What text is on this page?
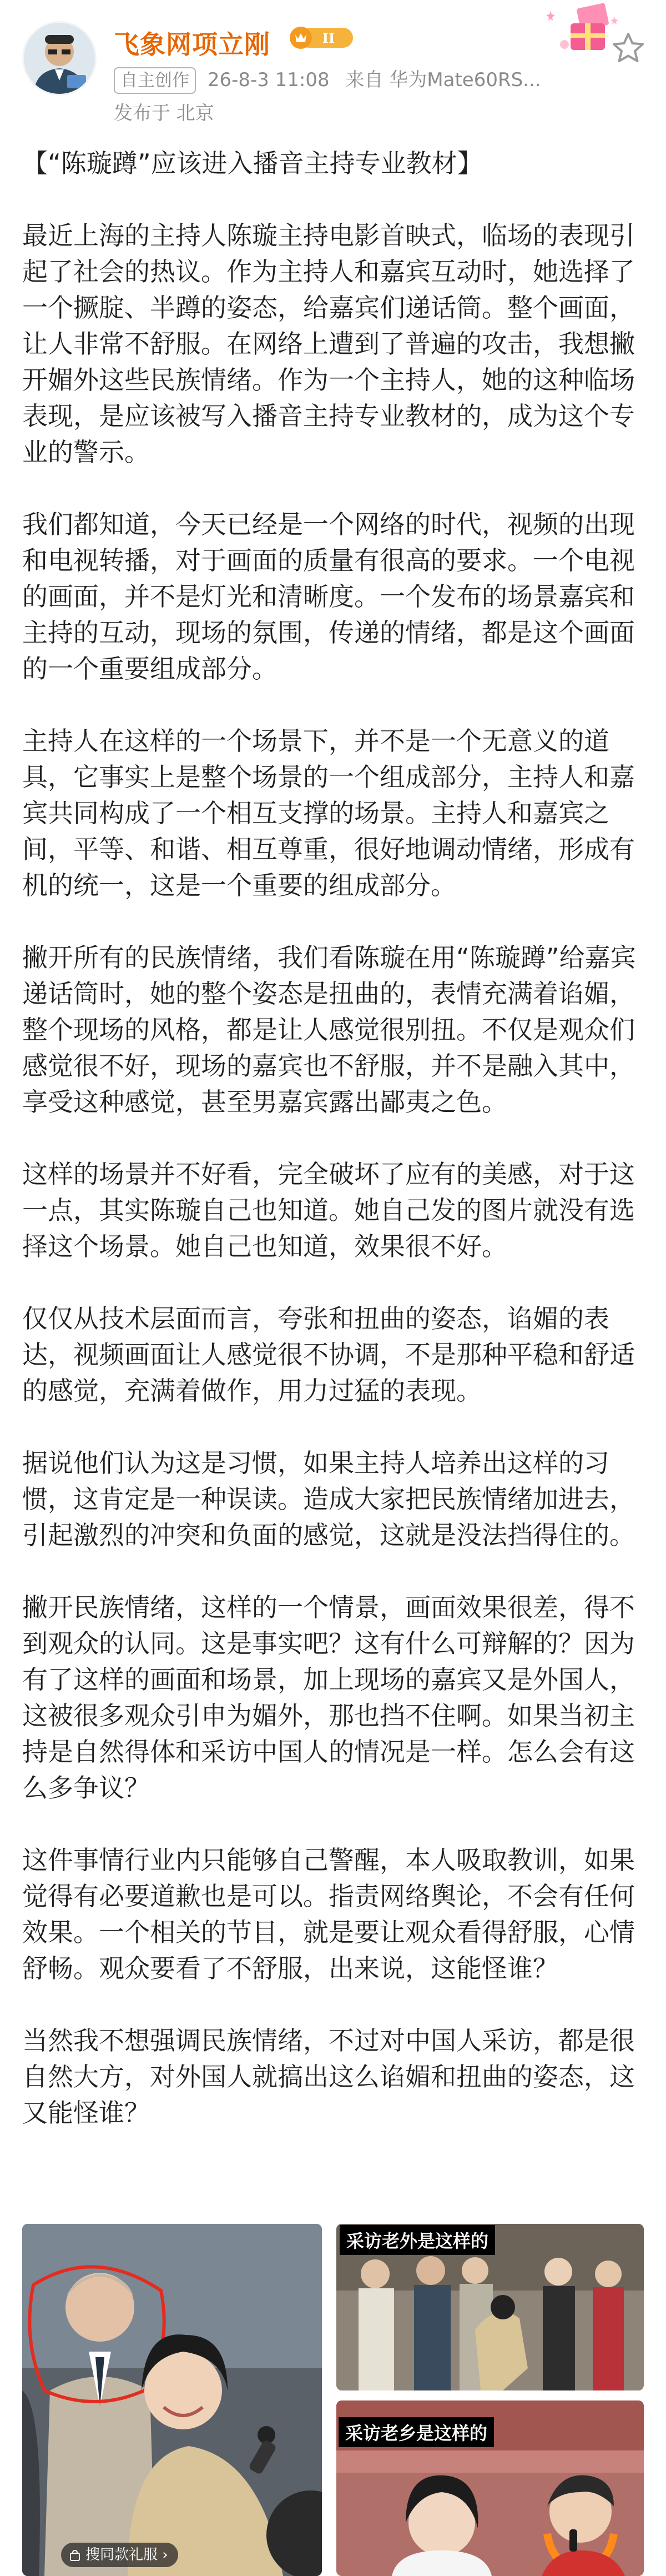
飞象网项立刚	II
自主创作 26-8-3 11:08 来自 华为Mate60RS...
发布于 北京

【“陈璇蹲”应该进入播音主持专业教材】

最近上海的主持人陈璇主持电影首映式，临场的表现引起了社会的热议。作为主持人和嘉宾互动时，她选择了一个撅腚、半蹲的姿态，给嘉宾们递话筒。整个画面，让人非常不舒服。在网络上遭到了普遍的攻击，我想撇开媚外这些民族情绪。作为一个主持人，她的这种临场表现，是应该被写入播音主持专业教材的，成为这个专业的警示。

我们都知道，今天已经是一个网络的时代，视频的出现和电视转播，对于画面的质量有很高的要求。一个电视的画面，并不是灯光和清晰度。一个发布的场景嘉宾和主持的互动，现场的氛围，传递的情绪，都是这个画面的一个重要组成部分。

主持人在这样的一个场景下，并不是一个无意义的道具，它事实上是整个场景的一个组成部分，主持人和嘉宾共同构成了一个相互支撑的场景。主持人和嘉宾之间，平等、和谐、相互尊重，很好地调动情绪，形成有机的统一，这是一个重要的组成部分。

撇开所有的民族情绪，我们看陈璇在用“陈璇蹲”给嘉宾递话筒时，她的整个姿态是扭曲的，表情充满着谄媚，整个现场的风格，都是让人感觉很别扭。不仅是观众们感觉很不好，现场的嘉宾也不舒服，并不是融入其中，享受这种感觉，甚至男嘉宾露出鄙夷之色。

这样的场景并不好看，完全破坏了应有的美感，对于这一点，其实陈璇自己也知道。她自己发的图片就没有选择这个场景。她自己也知道，效果很不好。

仅仅从技术层面而言，夸张和扭曲的姿态，谄媚的表达，视频画面让人感觉很不协调，不是那种平稳和舒适的感觉，充满着做作，用力过猛的表现。

据说他们认为这是习惯，如果主持人培养出这样的习惯，这肯定是一种误读。造成大家把民族情绪加进去，引起激烈的冲突和负面的感觉，这就是没法挡得住的。

撇开民族情绪，这样的一个情景，画面效果很差，得不到观众的认同。这是事实吧？这有什么可辩解的？因为有了这样的画面和场景，加上现场的嘉宾又是外国人，这被很多观众引申为媚外，那也挡不住啊。如果当初主持是自然得体和采访中国人的情况是一样。怎么会有这么多争议？

这件事情行业内只能够自己警醒，本人吸取教训，如果觉得有必要道歉也是可以。指责网络舆论，不会有任何效果。一个相关的节目，就是要让观众看得舒服，心情舒畅。观众要看了不舒服，出来说，这能怪谁？

当然我不想强调民族情绪，不过对中国人采访，都是很自然大方，对外国人就搞出这么谄媚和扭曲的姿态，这又能怪谁？

搜同款礼服 ›
采访老外是这样的
采访老乡是这样的
